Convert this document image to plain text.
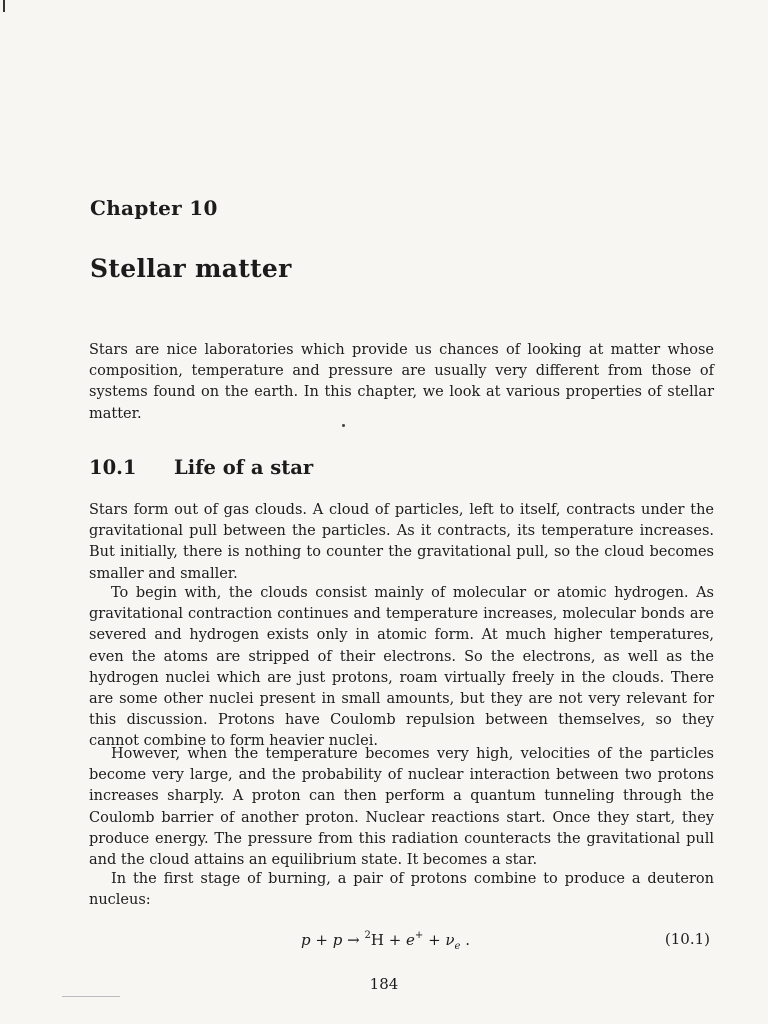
Chapter 10
Stellar matter

Stars are nice laboratories which provide us chances of looking at matter whose composition, temperature and pressure are usually very different from those of systems found on the earth. In this chapter, we look at various properties of stellar matter.

10.1 Life of a star

Stars form out of gas clouds. A cloud of particles, left to itself, contracts under the gravitational pull between the particles. As it contracts, its temperature increases. But initially, there is nothing to counter the gravitational pull, so the cloud becomes smaller and smaller.

To begin with, the clouds consist mainly of molecular or atomic hydrogen. As gravitational contraction continues and temperature increases, molecular bonds are severed and hydrogen exists only in atomic form. At much higher temperatures, even the atoms are stripped of their electrons. So the electrons, as well as the hydrogen nuclei which are just protons, roam virtually freely in the clouds. There are some other nuclei present in small amounts, but they are not very relevant for this discussion. Protons have Coulomb repulsion between themselves, so they cannot combine to form heavier nuclei.

However, when the temperature becomes very high, velocities of the particles become very large, and the probability of nuclear interaction between two protons increases sharply. A proton can then perform a quantum tunneling through the Coulomb barrier of another proton. Nuclear reactions start. Once they start, they produce energy. The pressure from this radiation counteracts the gravitational pull and the cloud attains an equilibrium state. It becomes a star.

In the first stage of burning, a pair of protons combine to produce a deuteron nucleus:

$p + p \to ^2H + e^+ + \nu_e$ .	(10.1)
184
